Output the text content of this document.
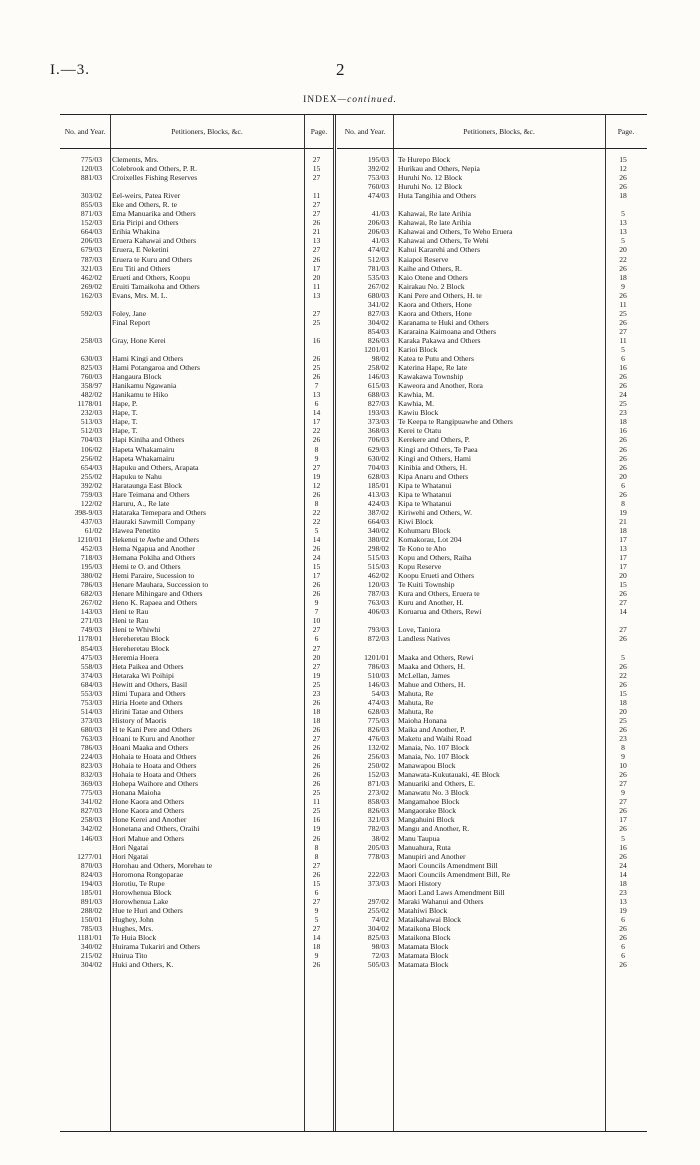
I.—3.	2
INDEX—continued.
No. and Year.	Petitioners, Blocks, &c.	Page.	No. and Year.	Petitioners, Blocks, &c.	Page.
775/03 Clements, Mrs.	27	195/03 Te Hurepo Block	15
120/03 Colebrook and Others, P. R.	15	392/02 Hurikau and Others, Nepia	12
881/03 Croixelles Fishing Reserves	27	753/03 Huruhi No. 12 Block	26
760/03 Huruhi No. 12 Block	26
303/02 Eel-weirs, Patea River	11	474/03 Huta Tangihia and Others	18
855/03 Eke and Others, R. te	27
871/03 Ema Manuarika and Others	27	41/03 Kahawai, Re late Arihia	5
152/03 Eria Piripi and Others	26	206/03 Kahawai, Re late Arihia	13
664/03 Erihia Whakina	21	206/03 Kahawai and Others, Te Weho Eruera	13
206/03 Eruera Kahawai and Others	13	41/03 Kahawai and Others, Te Wehi	5
679/03 Eruera, E Neketini	27	474/02 Kahui Kararehi and Others	20
787/03 Eruera te Kuru and Others	26	512/03 Kaiapoi Reserve	22
321/03 Eru Titi and Others	17	781/03 Kaihe and Others, R.	26
462/02 Erueti and Others, Koopu	20	535/03 Kaio Otene and Others	18
269/02 Eruiti Tamaikoha and Others	11	267/02 Kairakau No. 2 Block	9
162/03 Evans, Mrs. M. L.	13	680/03 Kani Pere and Others, H. te	26
341/02 Kaora and Others, Hone	11
592/03 Foley, Jane	27	827/03 Kaora and Others, Hone	25
Final Report	25	304/02 Karanama te Huki and Others	26
854/03 Kararaina Kaimoana and Others	27
258/03 Gray, Hone Kerei	16	826/03 Karaka Pakawa and Others	11
1201/01 Karioi Block	5
630/03 Hami Kingi and Others	26	98/02 Katea te Putu and Others	6
825/03 Hami Potangaroa and Others	25	258/02 Katerina Hape, Re late	16
760/03 Hangaura Block	26	146/03 Kawakawa Township	26
358/97 Hanikamu Ngawania	7	615/03 Kaweora and Another, Rora	26
482/02 Hanikamu te Hiko	13	688/03 Kawhia, M.	24
1178/01 Hape, P.	6	827/03 Kawhia, M.	25
232/03 Hape, T.	14	193/03 Kawiu Block	23
513/03 Hape, T.	17	373/03 Te Keepa te Rangipuawhe and Others	18
512/03 Hape, T.	22	368/03 Kerei te Otatu	16
704/03 Hapi Kiniha and Others	26	706/03 Kerekere and Others, P.	26
106/02 Hapeta Whakamairu	8	629/03 Kingi and Others, Te Paea	26
256/02 Hapeta Whakamairu	9	630/02 Kingi and Others, Hami	26
654/03 Hapuku and Others, Arapata	27	704/03 Kinibia and Others, H.	26
255/02 Hapuku te Nahu	19	628/03 Kipa Anaru and Others	20
392/02 Harataunga East Block	12	185/01 Kipa te Whatanui	6
759/03 Hare Teimana and Others	26	413/03 Kipa te Whatanui	26
122/02 Haruru, A., Re late	8	424/03 Kipa te Whatanui	8
398-9/03 Hataraka Temepara and Others	22	387/02 Kiriwehi and Others, W.	19
437/03 Hauraki Sawmill Company	22	664/03 Kiwi Block	21
61/02 Hawea Penetito	5	340/02 Kohumaru Block	18
1210/01 Hekenui te Awhe and Others	14	380/02 Komakorau, Lot 204	17
452/03 Hema Ngapua and Another	26	298/02 Te Kono te Aho	13
718/03 Hemana Pokiha and Others	24	515/03 Kopu and Others, Raiha	17
195/03 Hemi te O. and Others	15	515/03 Kopu Reserve	17
380/02 Hemi Paraire, Sucession to	17	462/02 Koopu Erueti and Others	20
786/03 Henare Mauhara, Succession to	26	120/03 Te Kuiti Township	15
682/03 Henare Mihingare and Others	26	787/03 Kura and Others, Eruera te	26
267/02 Heno K. Rapaea and Others	9	763/03 Kuru and Another, H.	27
143/03 Heni te Rau	7	406/03 Koruarua and Others, Rewi	14
271/03 Heni te Rau	10
749/03 Heni te Whiwhi	27	793/03 Love, Taniora	27
1178/01 Hereheretau Block	6	872/03 Landless Natives	26
854/03 Hereheretau Block	27
475/03 Heremia Hoera	20	1201/01 Maaka and Others, Rewi	5
558/03 Heta Paikea and Others	27	786/03 Maaka and Others, H.	26
374/03 Hetaraka Wi Poihipi	19	510/03 McLellan, James	22
684/03 Hewitt and Others, Basil	25	146/03 Mahue and Others, H.	26
553/03 Himi Tupara and Others	23	54/03 Mahuta, Re	15
753/03 Hiria Hoete and Others	26	474/03 Mahuta, Re	18
514/03 Hirini Tatae and Others	18	628/03 Mahuta, Re	20
373/03 History of Maoris	18	775/03 Maioha Honana	25
680/03 H te Kani Pere and Others	26	826/03 Maika and Another, P.	26
763/03 Hoani te Kuru and Another	27	476/03 Maketu and Waihi Road	23
786/03 Hoani Maaka and Others	26	132/02 Manaia, No. 107 Block	8
224/03 Hohaia te Hoata and Others	26	256/03 Manaia, No. 107 Block	9
823/03 Hohaia te Hoata and Others	26	250/02 Manawapou Block	10
832/03 Hohaia te Hoata and Others	26	152/03 Manawata-Kukutauaki, 4E Block	26
369/03 Hohepa Waihore and Others	26	871/03 Manuariki and Others, E.	27
775/03 Honana Maioha	25	273/02 Manawatu No. 3 Block	9
341/02 Hone Kaora and Others	11	858/03 Mangamahoe Block	27
827/03 Hone Kaora and Others	25	826/03 Mangaorake Block	26
258/03 Hone Kerei and Another	16	321/03 Mangahuini Block	17
342/02 Honetana and Others, Oraihi	19	782/03 Mangu and Another, R.	26
146/03 Hori Mahue and Others	26	38/02 Manu Taupua	5
Hori Ngatai	8	205/03 Manuahura, Ruta	16
1277/01 Hori Ngatai	8	778/03 Manupiri and Another	26
870/03 Horohau and Others, Morehau te	27	Maori Councils Amendment Bill	24
824/03 Horomona Rongoparae	26	222/03 Maori Councils Amendment Bill, Re	14
194/03 Horotiu, Te Rupe	15	373/03 Maori History	18
185/01 Horowhenua Block	6	Maori Land Laws Amendment Bill	23
891/03 Horowhenua Lake	27	297/02 Maraki Wahanui and Others	13
288/02 Hue te Huri and Others	9	255/02 Matahiwi Block	19
150/01 Hughey, John	5	74/02 Mataikahawai Block	6
785/03 Hughes, Mrs.	27	304/02 Mataikona Block	26
1181/01 Te Huia Block	14	825/03 Mataikona Block	26
340/02 Huirama Tukariri and Others	18	98/03 Matamata Block	6
215/02 Huirua Tito	9	72/03 Matamata Block	6
304/02 Huki and Others, K.	26	505/03 Matamata Block	26
